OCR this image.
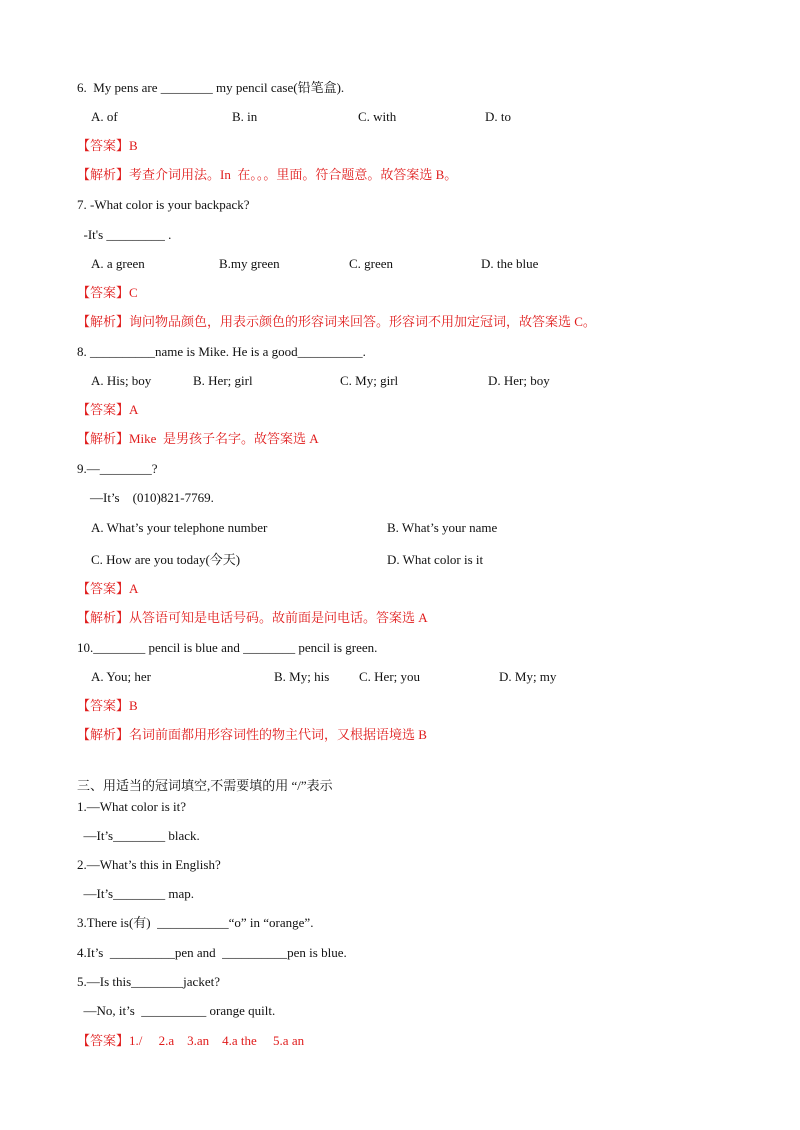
6.  My pens are ________ my pencil case(铅笔盒).
A. of	B. in	C. with	D. to
【答案】B
【解析】考查介词用法。In  在。。。里面。符合题意。故答案选 B。
7. -What color is your backpack?
-It's _________ .
A. a green	B.my green	C. green	D. the blue
【答案】C
【解析】询问物品颜色，用表示颜色的形容词来回答。形容词不用加定冠词，故答案选 C。
8. __________name is Mike. He is a good__________.
A. His; boy	B. Her; girl	C. My; girl	D. Her; boy
【答案】A
【解析】Mike  是男孩子名字。故答案选 A
9.—________?
—It’s    (010)821-7769.
A. What’s your telephone number	B. What’s your name
C. How are you today(今天)	D. What color is it
【答案】A
【解析】从答语可知是电话号码。故前面是问电话。答案选 A
10.________ pencil is blue and ________ pencil is green.
A. You; her	B. My; his C. Her; you	D. My; my
【答案】B
【解析】名词前面都用形容词性的物主代词，又根据语境选 B
三、用适当的冠词填空,不需要填的用 “/”表示
1.—What color is it?
—It’s________ black.
2.—What’s this in English?
—It’s________ map.
3.There is(有)  ___________“o” in “orange”.
4.It’s  __________pen and  __________pen is blue.
5.—Is this________jacket?
—No, it’s  __________ orange quilt.
【答案】1./     2.a    3.an    4.a the     5.a an
